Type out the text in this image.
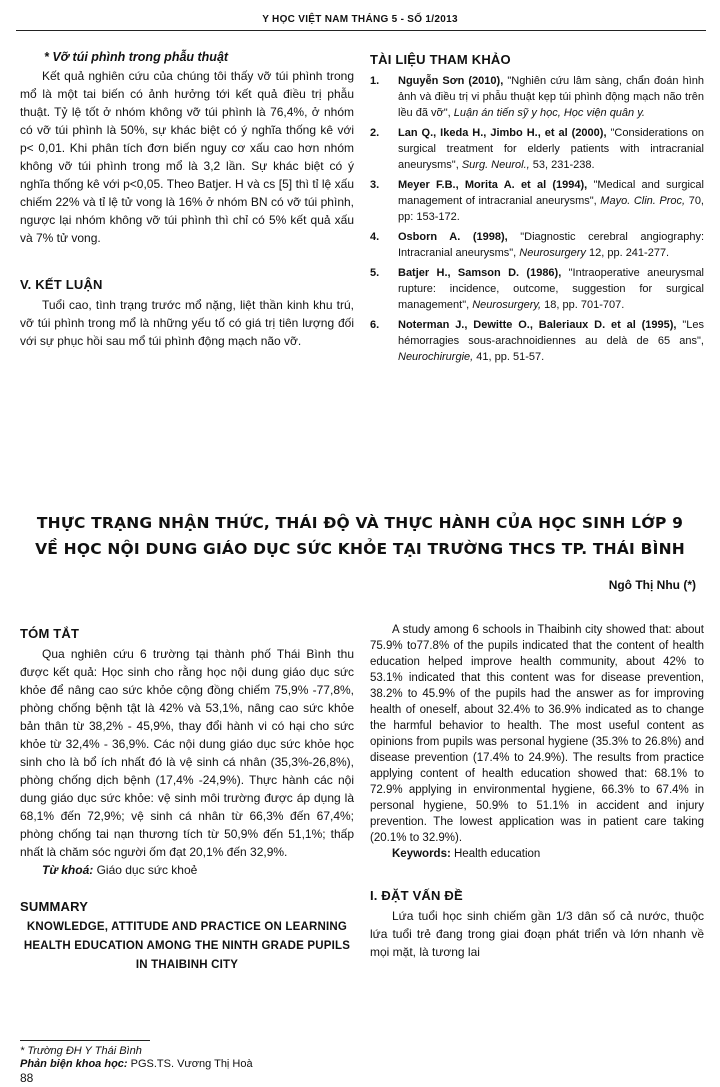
Y HỌC VIỆT NAM THÁNG 5 - SỐ 1/2013

* Vỡ túi phình trong phẫu thuật

Kết quả nghiên cứu của chúng tôi thấy vỡ túi phình trong mổ là một tai biến có ảnh hưởng tới kết quả điều trị phẫu thuật. Tỷ lệ tốt ở nhóm không vỡ túi phình là 76,4%, ở nhóm có vỡ túi phình là 50%, sự khác biệt có ý nghĩa thống kê với p< 0,01. Khi phân tích đơn biến nguy cơ xấu cao hơn nhóm không vỡ túi phình trong mổ là 3,2 lần. Sự khác biệt có ý nghĩa thống kê với p<0,05. Theo Batjer. H và cs [5] thì tỉ lệ xấu chiếm 22% và tỉ lệ tử vong là 16% ở nhóm BN có vỡ túi phình, ngược lại nhóm không vỡ túi phình thì chỉ có 5% kết quả xấu và 7% tử vong.

V. KẾT LUẬN

Tuổi cao, tình trạng trước mổ nặng, liệt thần kinh khu trú, vỡ túi phình trong mổ là những yếu tố có giá trị tiên lượng đối với sự phục hồi sau mổ túi phình động mạch não vỡ.

TÀI LIỆU THAM KHẢO

1.	Nguyễn Sơn (2010), "Nghiên cứu lâm sàng, chẩn đoán hình ảnh và điều trị vi phẫu thuật kẹp túi phình động mạch não trên lều đã vỡ", Luận án tiến sỹ y học, Học viện quân y.
2.	Lan Q., Ikeda H., Jimbo H., et al (2000), "Considerations on surgical treatment for elderly patients with intracranial aneurysms", Surg. Neurol., 53, 231-238.
3.	Meyer F.B., Morita A. et al (1994), "Medical and surgical management of intracranial aneurysms", Mayo. Clin. Proc, 70, pp: 153-172.
4.	Osborn A. (1998), "Diagnostic cerebral angiography: Intracranial aneurysms", Neurosurgery 12, pp. 241-277.
5.	Batjer H., Samson D. (1986), "Intraoperative aneurysmal rupture: incidence, outcome, suggestion for surgical management", Neurosurgery, 18, pp. 701-707.
6.	Noterman J., Dewitte O., Baleriaux D. et al (1995), "Les hémorragies sous-arachnoidiennes au delà de 65 ans", Neurochirurgie, 41, pp. 51-57.
THỰC TRẠNG NHẬN THỨC, THÁI ĐỘ VÀ THỰC HÀNH CỦA HỌC SINH LỚP 9
VỀ HỌC NỘI DUNG GIÁO DỤC SỨC KHỎE TẠI TRƯỜNG THCS TP. THÁI BÌNH
Ngô Thị Nhu (*)

TÓM TẮT

Qua nghiên cứu 6 trường tại thành phố Thái Bình thu được kết quả: Học sinh cho rằng học nội dung giáo dục sức khỏe để nâng cao sức khỏe cộng đồng chiếm 75,9% -77,8%, phòng chống bệnh tật là 42% và 53,1%, nâng cao sức khỏe bản thân từ 38,2% - 45,9%, thay đổi hành vi có hại cho sức khỏe từ 32,4% - 36,9%. Các nội dung giáo dục sức khỏe học sinh cho là bổ ích nhất đó là vệ sinh cá nhân (35,3%-26,8%), phòng chống dịch bệnh (17,4% -24,9%). Thực hành các nội dung giáo dục sức khỏe: vệ sinh môi trường được áp dụng là 68,1% đến 72,9%; vệ sinh cá nhân từ 66,3% đến 67,4%; phòng chống tai nạn thương tích từ 50,9% đến 51,1%; thấp nhất là chăm sóc người ốm đạt 20,1% đến 32,9%.

Từ khoá: Giáo dục sức khoẻ

SUMMARY

KNOWLEDGE, ATTITUDE AND PRACTICE ON LEARNING HEALTH EDUCATION AMONG THE NINTH GRADE PUPILS IN THAIBINH CITY

A study among 6 schools in Thaibinh city showed that: about 75.9% to77.8% of the pupils indicated that the content of health education helped improve health community, about 42% to 53.1% indicated that this content was for disease prevention, 38.2% to 45.9% of the pupils had the answer as for improving health of oneself, about 32.4% to 36.9% indicated as to change the harmful behavior to health. The most useful content as opinions from pupils was personal hygiene (35.3% to 26.8%) and disease prevention (17.4% to 24.9%). The results from practice applying content of health education showed that: 68.1% to 72.9% applying in environmental hygiene, 66.3% to 67.4% in personal hygiene, 50.9% to 51.1% in accident and injury prevention. The lowest application was in patient care taking (20.1% to 32.9%).

Keywords: Health education

I. ĐẶT VẤN ĐỀ

Lứa tuổi học sinh chiếm gần 1/3 dân số cả nước, thuộc lứa tuổi trẻ đang trong giai đoạn phát triển và lớn nhanh về mọi mặt, là tương lai

* Trường ĐH Y Thái Bình
Phản biện khoa học: PGS.TS. Vương Thị Hoà
88
